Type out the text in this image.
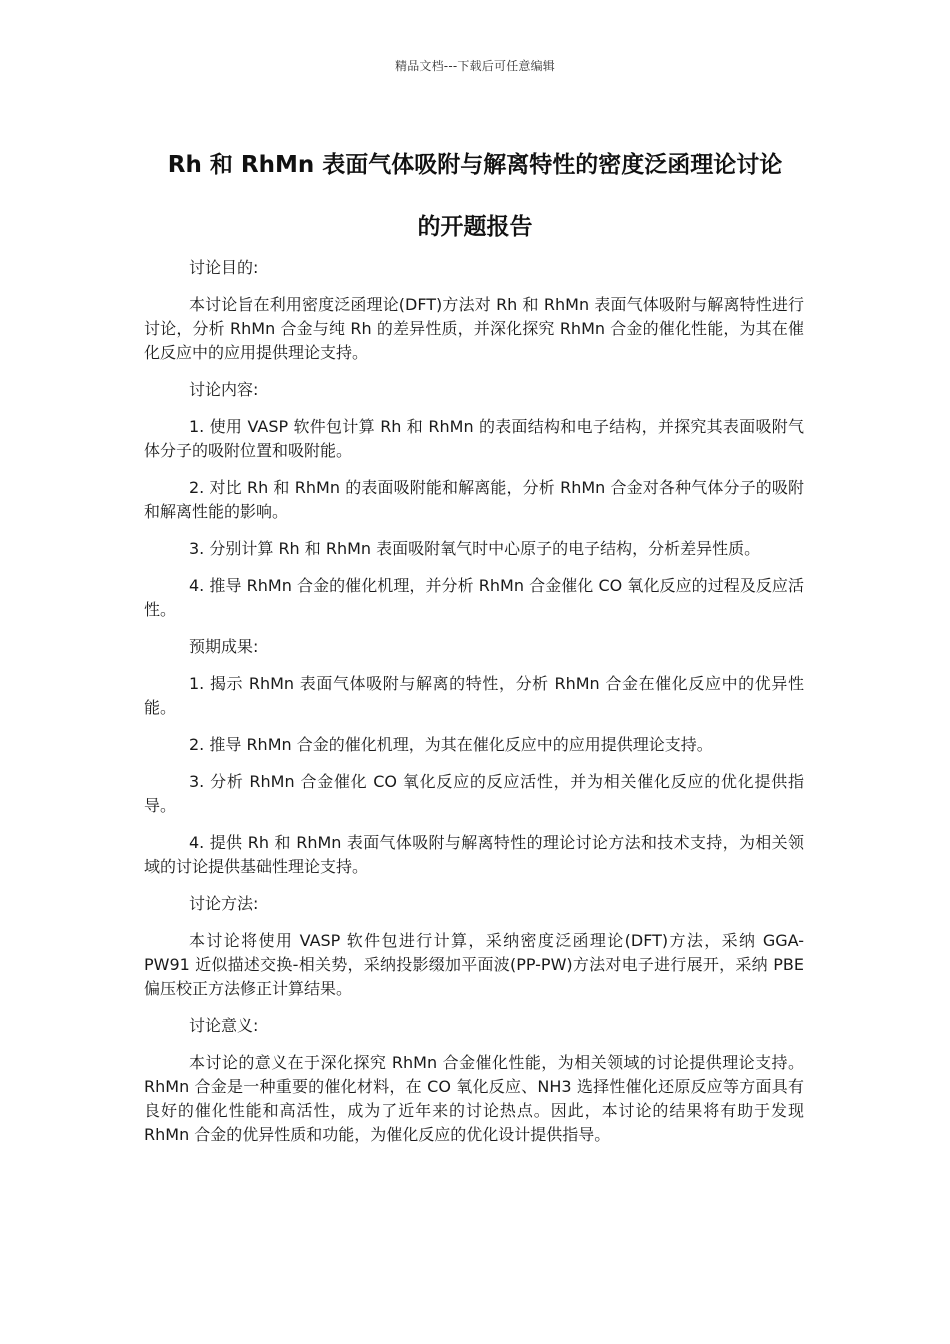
精品文档---下载后可任意编辑
Rh 和 RhMn 表面气体吸附与解离特性的密度泛函理论讨论
的开题报告

讨论目的:

本讨论旨在利用密度泛函理论(DFT)方法对 Rh 和 RhMn 表面气体吸附与解离特性进行讨论，分析 RhMn 合金与纯 Rh 的差异性质，并深化探究 RhMn 合金的催化性能，为其在催化反应中的应用提供理论支持。

讨论内容:

1. 使用 VASP 软件包计算 Rh 和 RhMn 的表面结构和电子结构，并探究其表面吸附气体分子的吸附位置和吸附能。

2. 对比 Rh 和 RhMn 的表面吸附能和解离能，分析 RhMn 合金对各种气体分子的吸附和解离性能的影响。

3. 分别计算 Rh 和 RhMn 表面吸附氧气时中心原子的电子结构，分析差异性质。

4. 推导 RhMn 合金的催化机理，并分析 RhMn 合金催化 CO 氧化反应的过程及反应活性。

预期成果:

1. 揭示 RhMn 表面气体吸附与解离的特性，分析 RhMn 合金在催化反应中的优异性能。

2. 推导 RhMn 合金的催化机理，为其在催化反应中的应用提供理论支持。

3. 分析 RhMn 合金催化 CO 氧化反应的反应活性，并为相关催化反应的优化提供指导。

4. 提供 Rh 和 RhMn 表面气体吸附与解离特性的理论讨论方法和技术支持，为相关领域的讨论提供基础性理论支持。

讨论方法:

本讨论将使用 VASP 软件包进行计算，采纳密度泛函理论(DFT)方法，采纳 GGA-PW91 近似描述交换-相关势，采纳投影缀加平面波(PP-PW)方法对电子进行展开，采纳 PBE 偏压校正方法修正计算结果。

讨论意义:

本讨论的意义在于深化探究 RhMn 合金催化性能，为相关领域的讨论提供理论支持。RhMn 合金是一种重要的催化材料，在 CO 氧化反应、NH3 选择性催化还原反应等方面具有良好的催化性能和高活性，成为了近年来的讨论热点。因此，本讨论的结果将有助于发现 RhMn 合金的优异性质和功能，为催化反应的优化设计提供指导。
